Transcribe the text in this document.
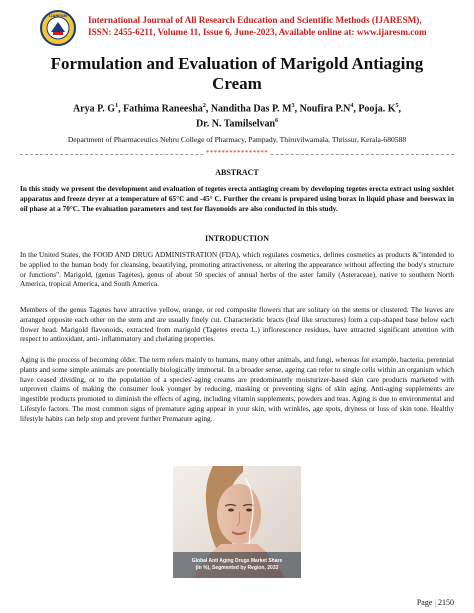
IJARESM International Journal of All Research Education and Scientific Methods (IJARESM),
ISSN: 2455-6211, Volume 11, Issue 6, June-2023, Available online at: www.ijaresm.com
Formulation and Evaluation of Marigold Antiaging
Cream
Arya P. $G^1$, Fathima Raneesha$^2$, Nanditha Das P. $M^3$, Noufira $P.N^4$, Pooja. $K^5$,
Dr. N. Tamilselvan$^6$
Department of Pharmaceutics Nehru College of Pharmacy, Pampady, Thiruvilwamala, Thrissur, Kerala-680588
****************
ABSTRACT
In this study we present the development and evaluation of tegetes erecta antiaging cream by developing tegetes erecta extract using soxhlet apparatus and freeze dryer at a temperature of 65°C and -45° C. Further the cream is prepared using borax in liquid phase and beeswax in oil phase at a 70°C. The evaluation parameters and test for flavonoids are also conducted in this study.
INTRODUCTION
In the United States, the FOOD AND DRUG ADMINISTRATION (FDA), which regulates cosmetics, defines cosmetics as products &"intended to be applied to the human body for cleansing, beautifying, promoting attractiveness, or altering the appearance without affecting the body's structure or functions". Marigold, (genus Tagetes), genus of about 50 species of annual herbs of the aster family (Asteraceae), native to southern North America, tropical America, and South America.
Members of the genus Tagetes have attractive yellow, orange, or red composite flowers that are solitary on the stems or clustered. The leaves are arranged opposite each other on the stem and are usually finely cut. Characteristic bracts (leaf like structures) form a cup-shaped base below each flower head. Marigold flavonoids, extracted from marigold (Tagetes erecta L.) inflorescence residues, have attracted significant attention with respect to antioxidant, anti- inflammatory and chelating properties.
Aging is the process of becoming older. The term refers mainly to humans, many other animals, and fungi, whereas for example, bacteria, perennial plants and some simple animals are potentially biologically immortal. In a broader sense, ageing can refer to single cells within an organism which have ceased dividing, or to the population of a species'-aging creams are predominantly moisturizer-based skin care products marketed with unproven claims of making the consumer look younger by reducing, masking or preventing signs of skin aging. Anti-aging supplements are ingestible products promoted to diminish the effects of aging, including vitamin supplements, powders and teas. Aging is due to environmental and Lifestyle factors. The most common signs of premature aging appear in your skin, with wrinkles, age spots, dryness or loss of skin tone. Healthy lifestyle habits can help stop and prevent further Premature aging.
Global Anti Aging Drugs Market Share
(in %), Segmented by Region, 2033
Page | 2150
